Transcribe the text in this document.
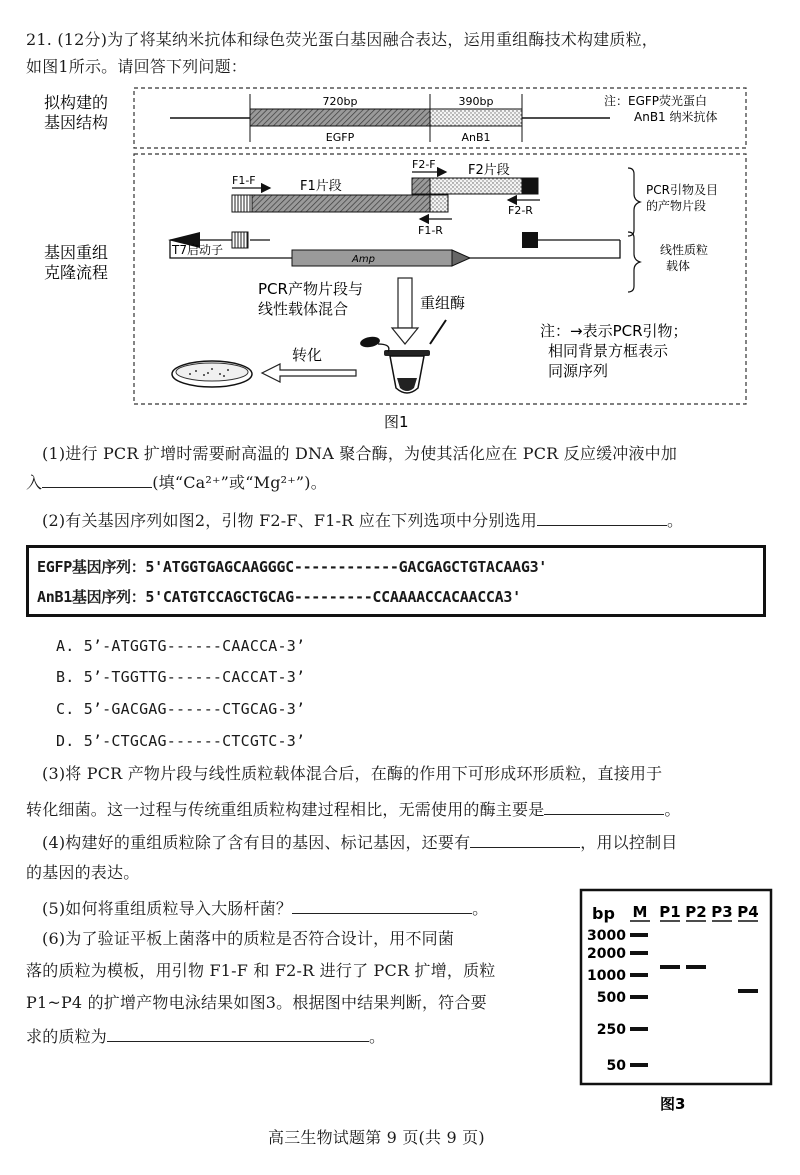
21. (12分)为了将某纳米抗体和绿色荧光蛋白基因融合表达，运用重组酶技术构建质粒，
如图1所示。请回答下列问题：
拟构建的
基因结构
基因重组
克隆流程
720bp	390bp
EGFP	AnB1
注：EGFP荧光蛋白
AnB1 纳米抗体
F1-F	F1片段
F1-R
F2-F F2片段
F2-R
PCR引物及目
的产物片段
线性质粒
载体
Amp
T7启动子
PCR产物片段与
线性载体混合	重组酶
转化
注：→表示PCR引物；
相同背景方框表示
同源序列
图1
(1)进行 PCR 扩增时需要耐高温的 DNA 聚合酶，为使其活化应在 PCR 反应缓冲液中加
入	(填“Ca²⁺”或“Mg²⁺”)。
(2)有关基因序列如图2，引物 F2-F、F1-R 应在下列选项中分别选用	。
EGFP基因序列：5'ATGGTGAGCAAGGGC------------GACGAGCTGTACAAG3'
AnB1基因序列：5'CATGTCCAGCTGCAG---------CCAAAACCACAACCA3'
A. 5’-ATGGTG------CAACCA-3’
B. 5’-TGGTTG------CACCAT-3’
C. 5’-GACGAG------CTGCAG-3’
D. 5’-CTGCAG------CTCGTC-3’
(3)将 PCR 产物片段与线性质粒载体混合后，在酶的作用下可形成环形质粒，直接用于
转化细菌。这一过程与传统重组质粒构建过程相比，无需使用的酶主要是	。
(4)构建好的重组质粒除了含有目的基因、标记基因，还要有	，用以控制目
的基因的表达。
(5)如何将重组质粒导入大肠杆菌？	。
(6)为了验证平板上菌落中的质粒是否符合设计，用不同菌
落的质粒为模板，用引物 F1-F 和 F2-R 进行了 PCR 扩增，质粒
P1~P4 的扩增产物电泳结果如图3。根据图中结果判断，符合要
求的质粒为	。
bp M P1 P2 P3 P4
3000
2000
1000
500
250
50
图3
高三生物试题第 9 页(共 9 页)
